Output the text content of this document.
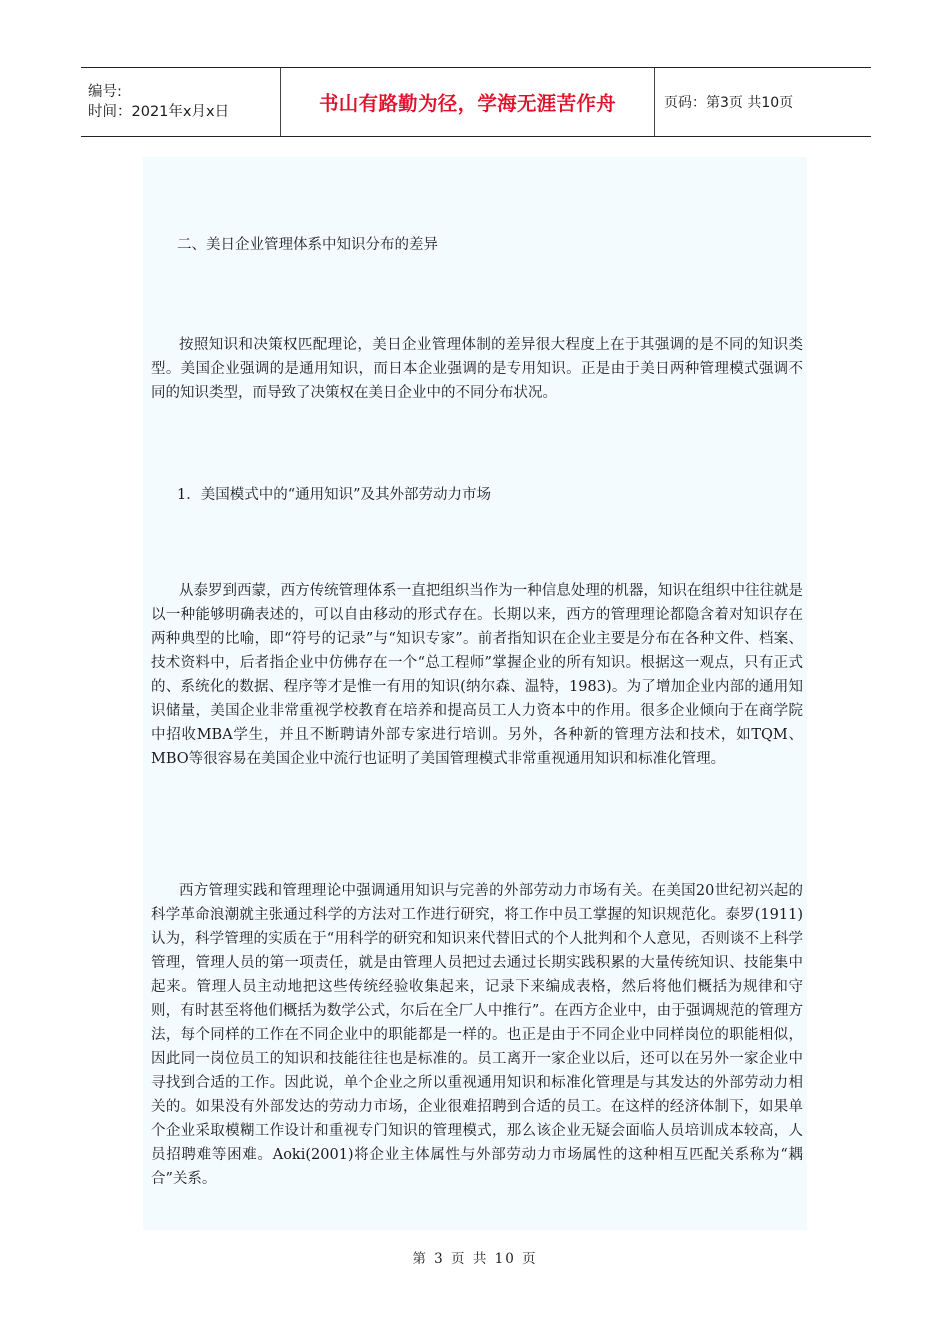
编号:
时间：2021年x月x日	书山有路勤为径，学海无涯苦作舟	页码：第3页 共10页
二、美日企业管理体系中知识分布的差异

按照知识和决策权匹配理论，美日企业管理体制的差异很大程度上在于其强调的是不同的知识类型。美国企业强调的是通用知识，而日本企业强调的是专用知识。正是由于美日两种管理模式强调不同的知识类型，而导致了决策权在美日企业中的不同分布状况。

1．美国模式中的“通用知识”及其外部劳动力市场

从泰罗到西蒙，西方传统管理体系一直把组织当作为一种信息处理的机器，知识在组织中往往就是以一种能够明确表述的，可以自由移动的形式存在。长期以来，西方的管理理论都隐含着对知识存在两种典型的比喻，即“符号的记录”与“知识专家”。前者指知识在企业主要是分布在各种文件、档案、技术资料中，后者指企业中仿佛存在一个“总工程师”掌握企业的所有知识。根据这一观点，只有正式的、系统化的数据、程序等才是惟一有用的知识(纳尔森、温特，1983)。为了增加企业内部的通用知识储量，美国企业非常重视学校教育在培养和提高员工人力资本中的作用。很多企业倾向于在商学院中招收MBA学生，并且不断聘请外部专家进行培训。另外，各种新的管理方法和技术，如TQM、MBO等很容易在美国企业中流行也证明了美国管理模式非常重视通用知识和标准化管理。

西方管理实践和管理理论中强调通用知识与完善的外部劳动力市场有关。在美国20世纪初兴起的科学革命浪潮就主张通过科学的方法对工作进行研究，将工作中员工掌握的知识规范化。泰罗(1911)认为，科学管理的实质在于“用科学的研究和知识来代替旧式的个人批判和个人意见，否则谈不上科学管理，管理人员的第一项责任，就是由管理人员把过去通过长期实践积累的大量传统知识、技能集中起来。管理人员主动地把这些传统经验收集起来，记录下来编成表格，然后将他们概括为规律和守则，有时甚至将他们概括为数学公式，尔后在全厂人中推行”。在西方企业中，由于强调规范的管理方法，每个同样的工作在不同企业中的职能都是一样的。也正是由于不同企业中同样岗位的职能相似，因此同一岗位员工的知识和技能往往也是标准的。员工离开一家企业以后，还可以在另外一家企业中寻找到合适的工作。因此说，单个企业之所以重视通用知识和标准化管理是与其发达的外部劳动力相关的。如果没有外部发达的劳动力市场，企业很难招聘到合适的员工。在这样的经济体制下，如果单个企业采取模糊工作设计和重视专门知识的管理模式，那么该企业无疑会面临人员培训成本较高，人员招聘难等困难。Aoki(2001)将企业主体属性与外部劳动力市场属性的这种相互匹配关系称为“耦合”关系。

第 3 页 共 10 页
